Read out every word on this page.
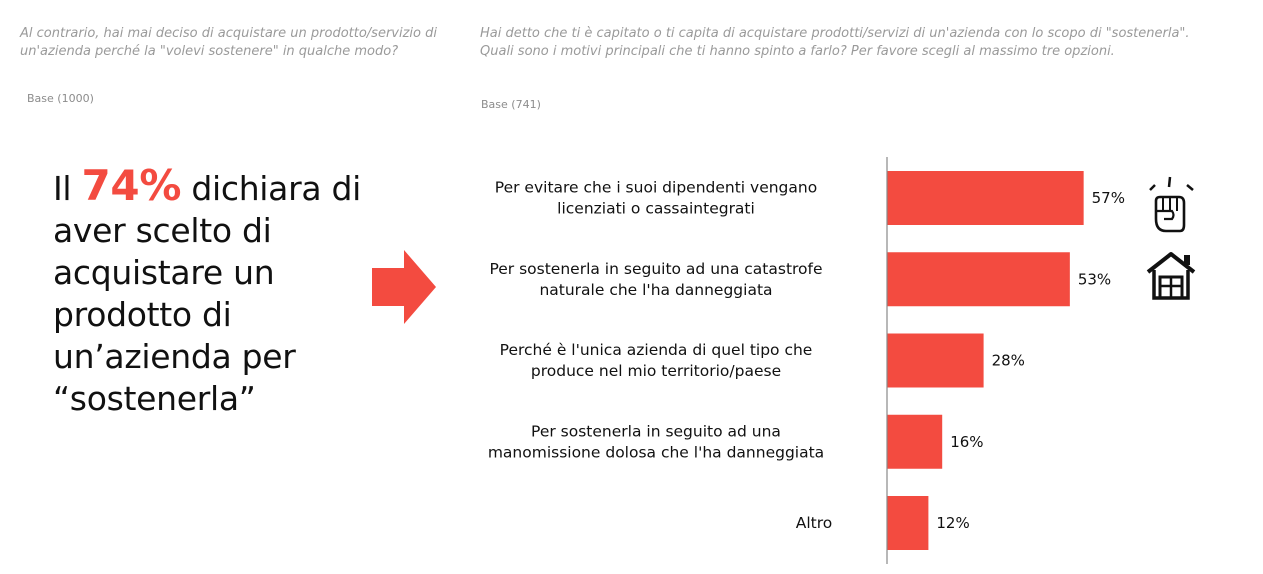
Al contrario, hai mai deciso di acquistare un prodotto/servizio di un'azienda perché la "volevi sostenere" in qualche modo?
Base (1000)
Hai detto che ti è capitato o ti capita di acquistare prodotti/servizi di un'azienda con lo scopo di "sostenerla". Quali sono i motivi principali che ti hanno spinto a farlo? Per favore scegli al massimo tre opzioni.
Base (741)
Il 74% dichiara di aver scelto di acquistare un prodotto di un’azienda per “sostenerla”
Per evitare che i suoi dipendenti vengano licenziati o cassaintegrati
Per sostenerla in seguito ad una catastrofe naturale che l'ha danneggiata
Perché è l'unica azienda di quel tipo che produce nel mio territorio/paese
Per sostenerla in seguito ad una manomissione dolosa che l'ha danneggiata
Altro
57%
53%
28%
16%
12%
